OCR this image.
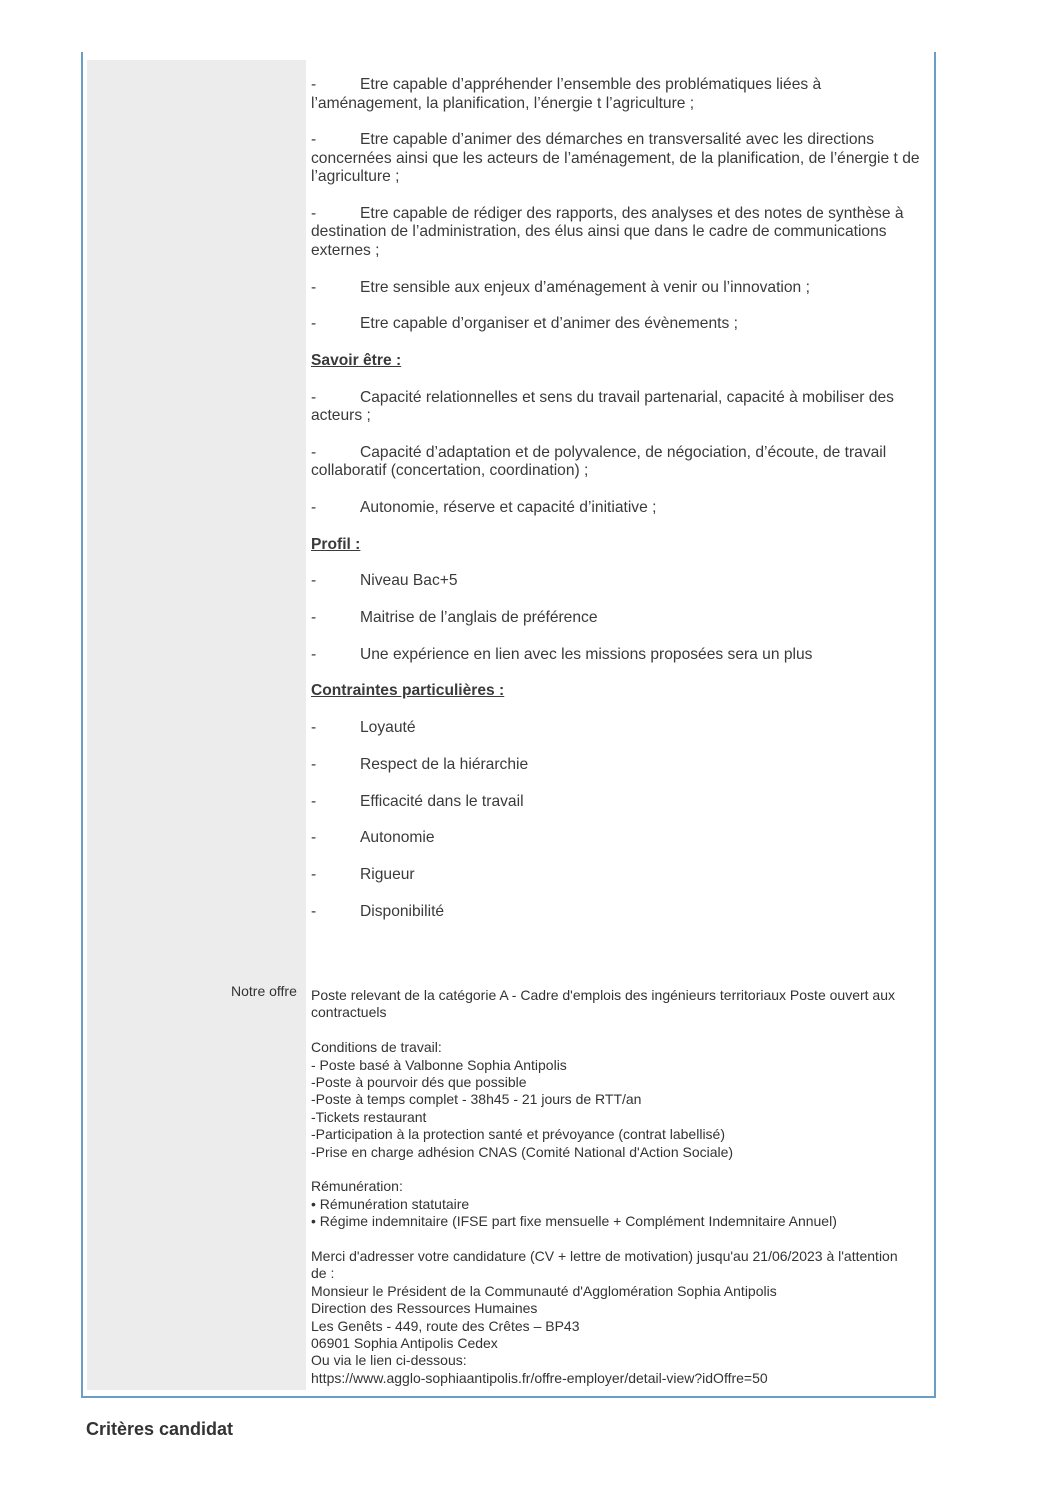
-	Etre capable d’appréhender l’ensemble des problématiques liées à l’aménagement, la planification, l’énergie t l’agriculture ;
-	Etre capable d’animer des démarches en transversalité avec les directions concernées ainsi que les acteurs de l’aménagement, de la planification, de l’énergie t de l’agriculture ;
-	Etre capable de rédiger des rapports, des analyses et des notes de synthèse à destination de l’administration, des élus ainsi que dans le cadre de communications externes ;
-	Etre sensible aux enjeux d’aménagement à venir ou l’innovation ;
-	Etre capable d’organiser et d’animer des évènements ;
Savoir être :
-	Capacité relationnelles et sens du travail partenarial, capacité à mobiliser des acteurs ;
-	Capacité d’adaptation et de polyvalence, de négociation, d’écoute, de travail collaboratif (concertation, coordination) ;
-	Autonomie, réserve et capacité d’initiative ;
Profil :
-	Niveau Bac+5
-	Maitrise de l’anglais de préférence
-	Une expérience en lien avec les missions proposées sera un plus
Contraintes particulières :
-	Loyauté
-	Respect de la hiérarchie
-	Efficacité dans le travail
-	Autonomie
-	Rigueur
-	Disponibilité
Notre offre Poste relevant de la catégorie A - Cadre d'emplois des ingénieurs territoriaux Poste ouvert aux
contractuels
Conditions de travail:
- Poste basé à Valbonne Sophia Antipolis
-Poste à pourvoir dés que possible
-Poste à temps complet - 38h45 - 21 jours de RTT/an
-Tickets restaurant
-Participation à la protection santé et prévoyance (contrat labellisé)
-Prise en charge adhésion CNAS (Comité National d'Action Sociale)
Rémunération:
• Rémunération statutaire
• Régime indemnitaire (IFSE part fixe mensuelle + Complément Indemnitaire Annuel)
Merci d'adresser votre candidature (CV + lettre de motivation) jusqu'au 21/06/2023 à l'attention
de :
Monsieur le Président de la Communauté d'Agglomération Sophia Antipolis
Direction des Ressources Humaines
Les Genêts - 449, route des Crêtes – BP43
06901 Sophia Antipolis Cedex
Ou via le lien ci-dessous:
https://www.agglo-sophiaantipolis.fr/offre-employer/detail-view?idOffre=50
Critères candidat
